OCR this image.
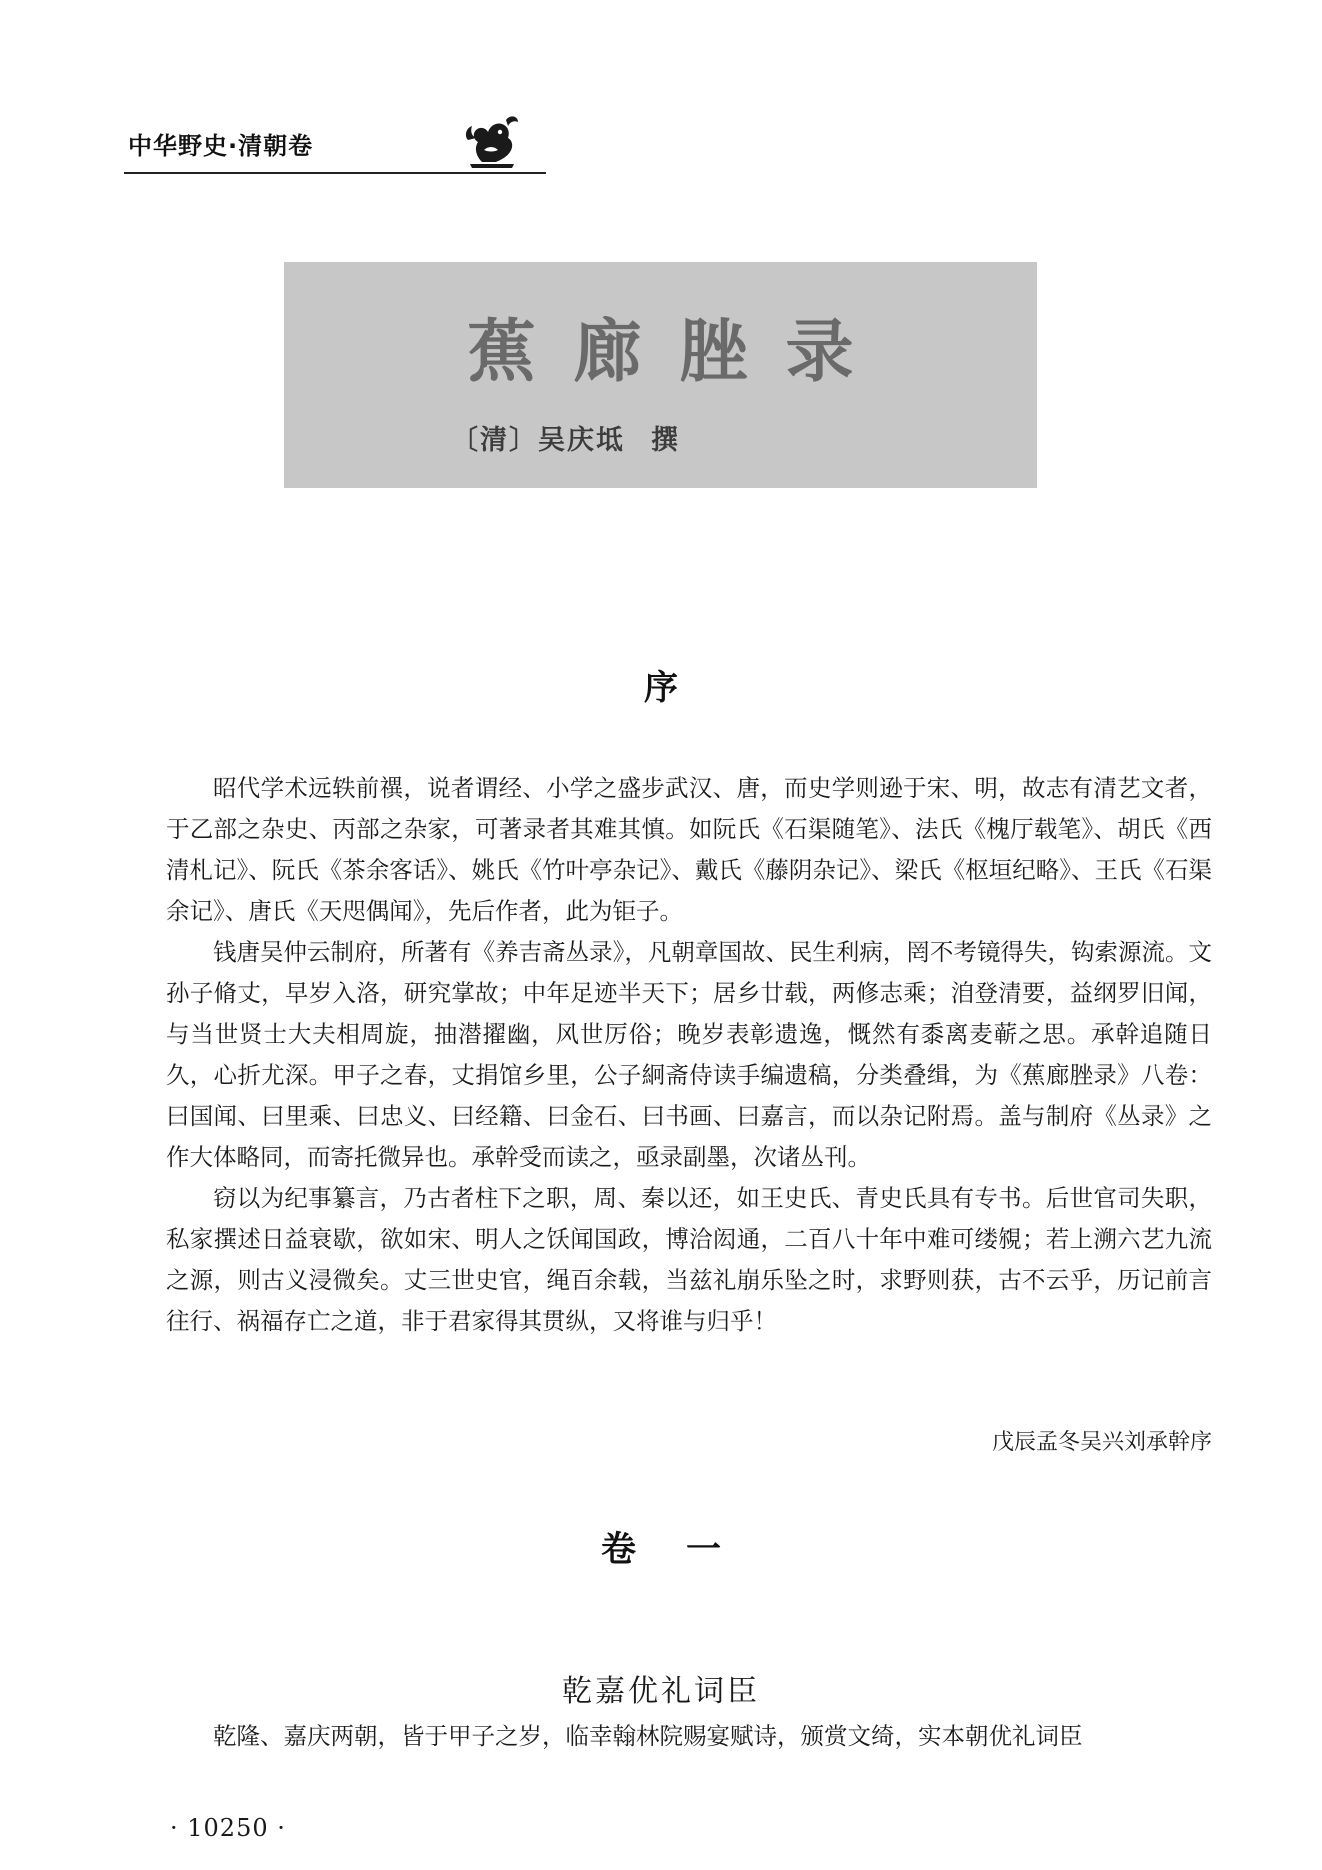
中华野史·清朝卷
蕉廊脞录
〔清〕吴庆坻 撰
序

昭代学术远轶前禩，说者谓经、小学之盛步武汉、唐，而史学则逊于宋、明，故志有清艺文者，于乙部之杂史、丙部之杂家，可著录者其难其慎。如阮氏《石渠随笔》、法氏《槐厅载笔》、胡氏《西清札记》、阮氏《茶余客话》、姚氏《竹叶亭杂记》、戴氏《藤阴杂记》、梁氏《枢垣纪略》、王氏《石渠余记》、唐氏《天咫偶闻》，先后作者，此为钜子。

钱唐吴仲云制府，所著有《养吉斋丛录》，凡朝章国故、民生利病，罔不考镜得失，钩索源流。文孙子脩丈，早岁入洛，研究掌故；中年足迹半天下；居乡廿载，两修志乘；洎登清要，益纲罗旧闻，与当世贤士大夫相周旋，抽潜擢幽，风世厉俗；晚岁表彰遗逸，慨然有黍离麦蕲之思。承幹追随日久，心折尤深。甲子之春，丈捐馆乡里，公子絅斋侍读手编遗稿，分类叠缉，为《蕉廊脞录》八卷：曰国闻、曰里乘、曰忠义、曰经籍、曰金石、曰书画、曰嘉言，而以杂记附焉。盖与制府《丛录》之作大体略同，而寄托微异也。承幹受而读之，亟录副墨，次诸丛刊。

窃以为纪事纂言，乃古者柱下之职，周、秦以还，如王史氏、青史氏具有专书。后世官司失职，私家撰述日益衰歇，欲如宋、明人之饫闻国政，博洽闳通，二百八十年中难可缕覙；若上溯六艺九流之源，则古义浸微矣。丈三世史官，绳百余载，当兹礼崩乐坠之时，求野则获，古不云乎，历记前言往行、祸福存亡之道，非于君家得其贯纵，又将谁与归乎！

戊辰孟冬吴兴刘承幹序
卷一
乾嘉优礼词臣
乾隆、嘉庆两朝，皆于甲子之岁，临幸翰林院赐宴赋诗，颁赏文绮，实本朝优礼词臣
· 10250 ·
